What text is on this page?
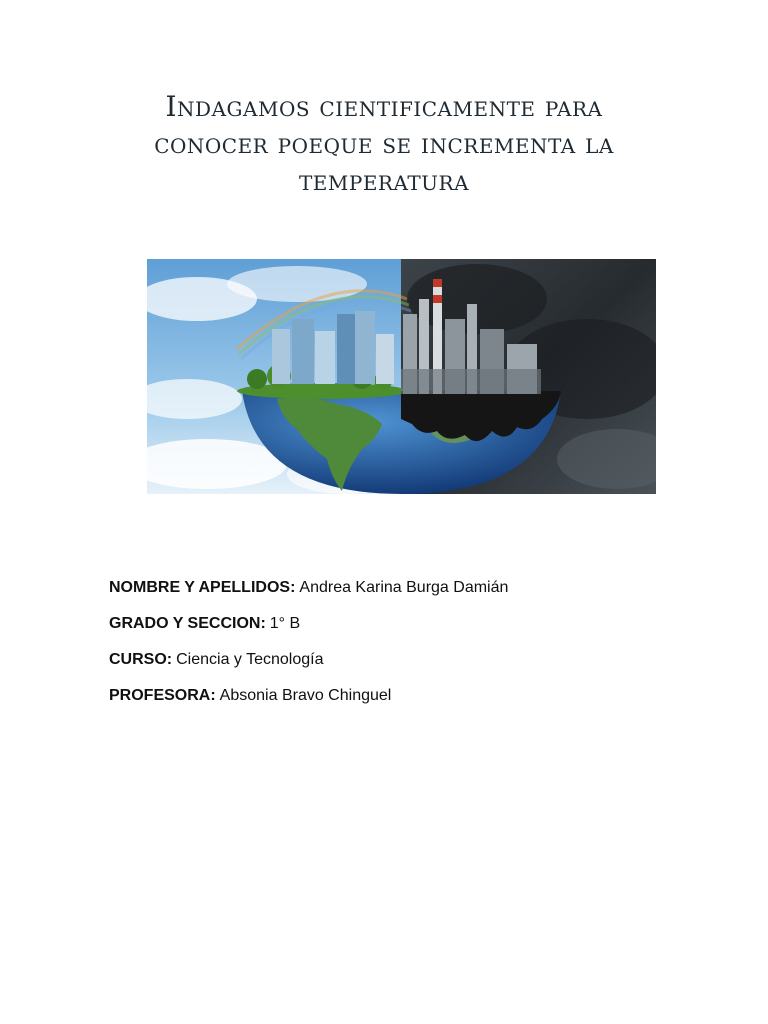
Indagamos cientificamente para
conocer poeque se incrementa la
temperatura
NOMBRE Y APELLIDOS: Andrea Karina Burga Damián
GRADO Y SECCION: 1° B
CURSO: Ciencia y Tecnología
PROFESORA: Absonia Bravo Chinguel
